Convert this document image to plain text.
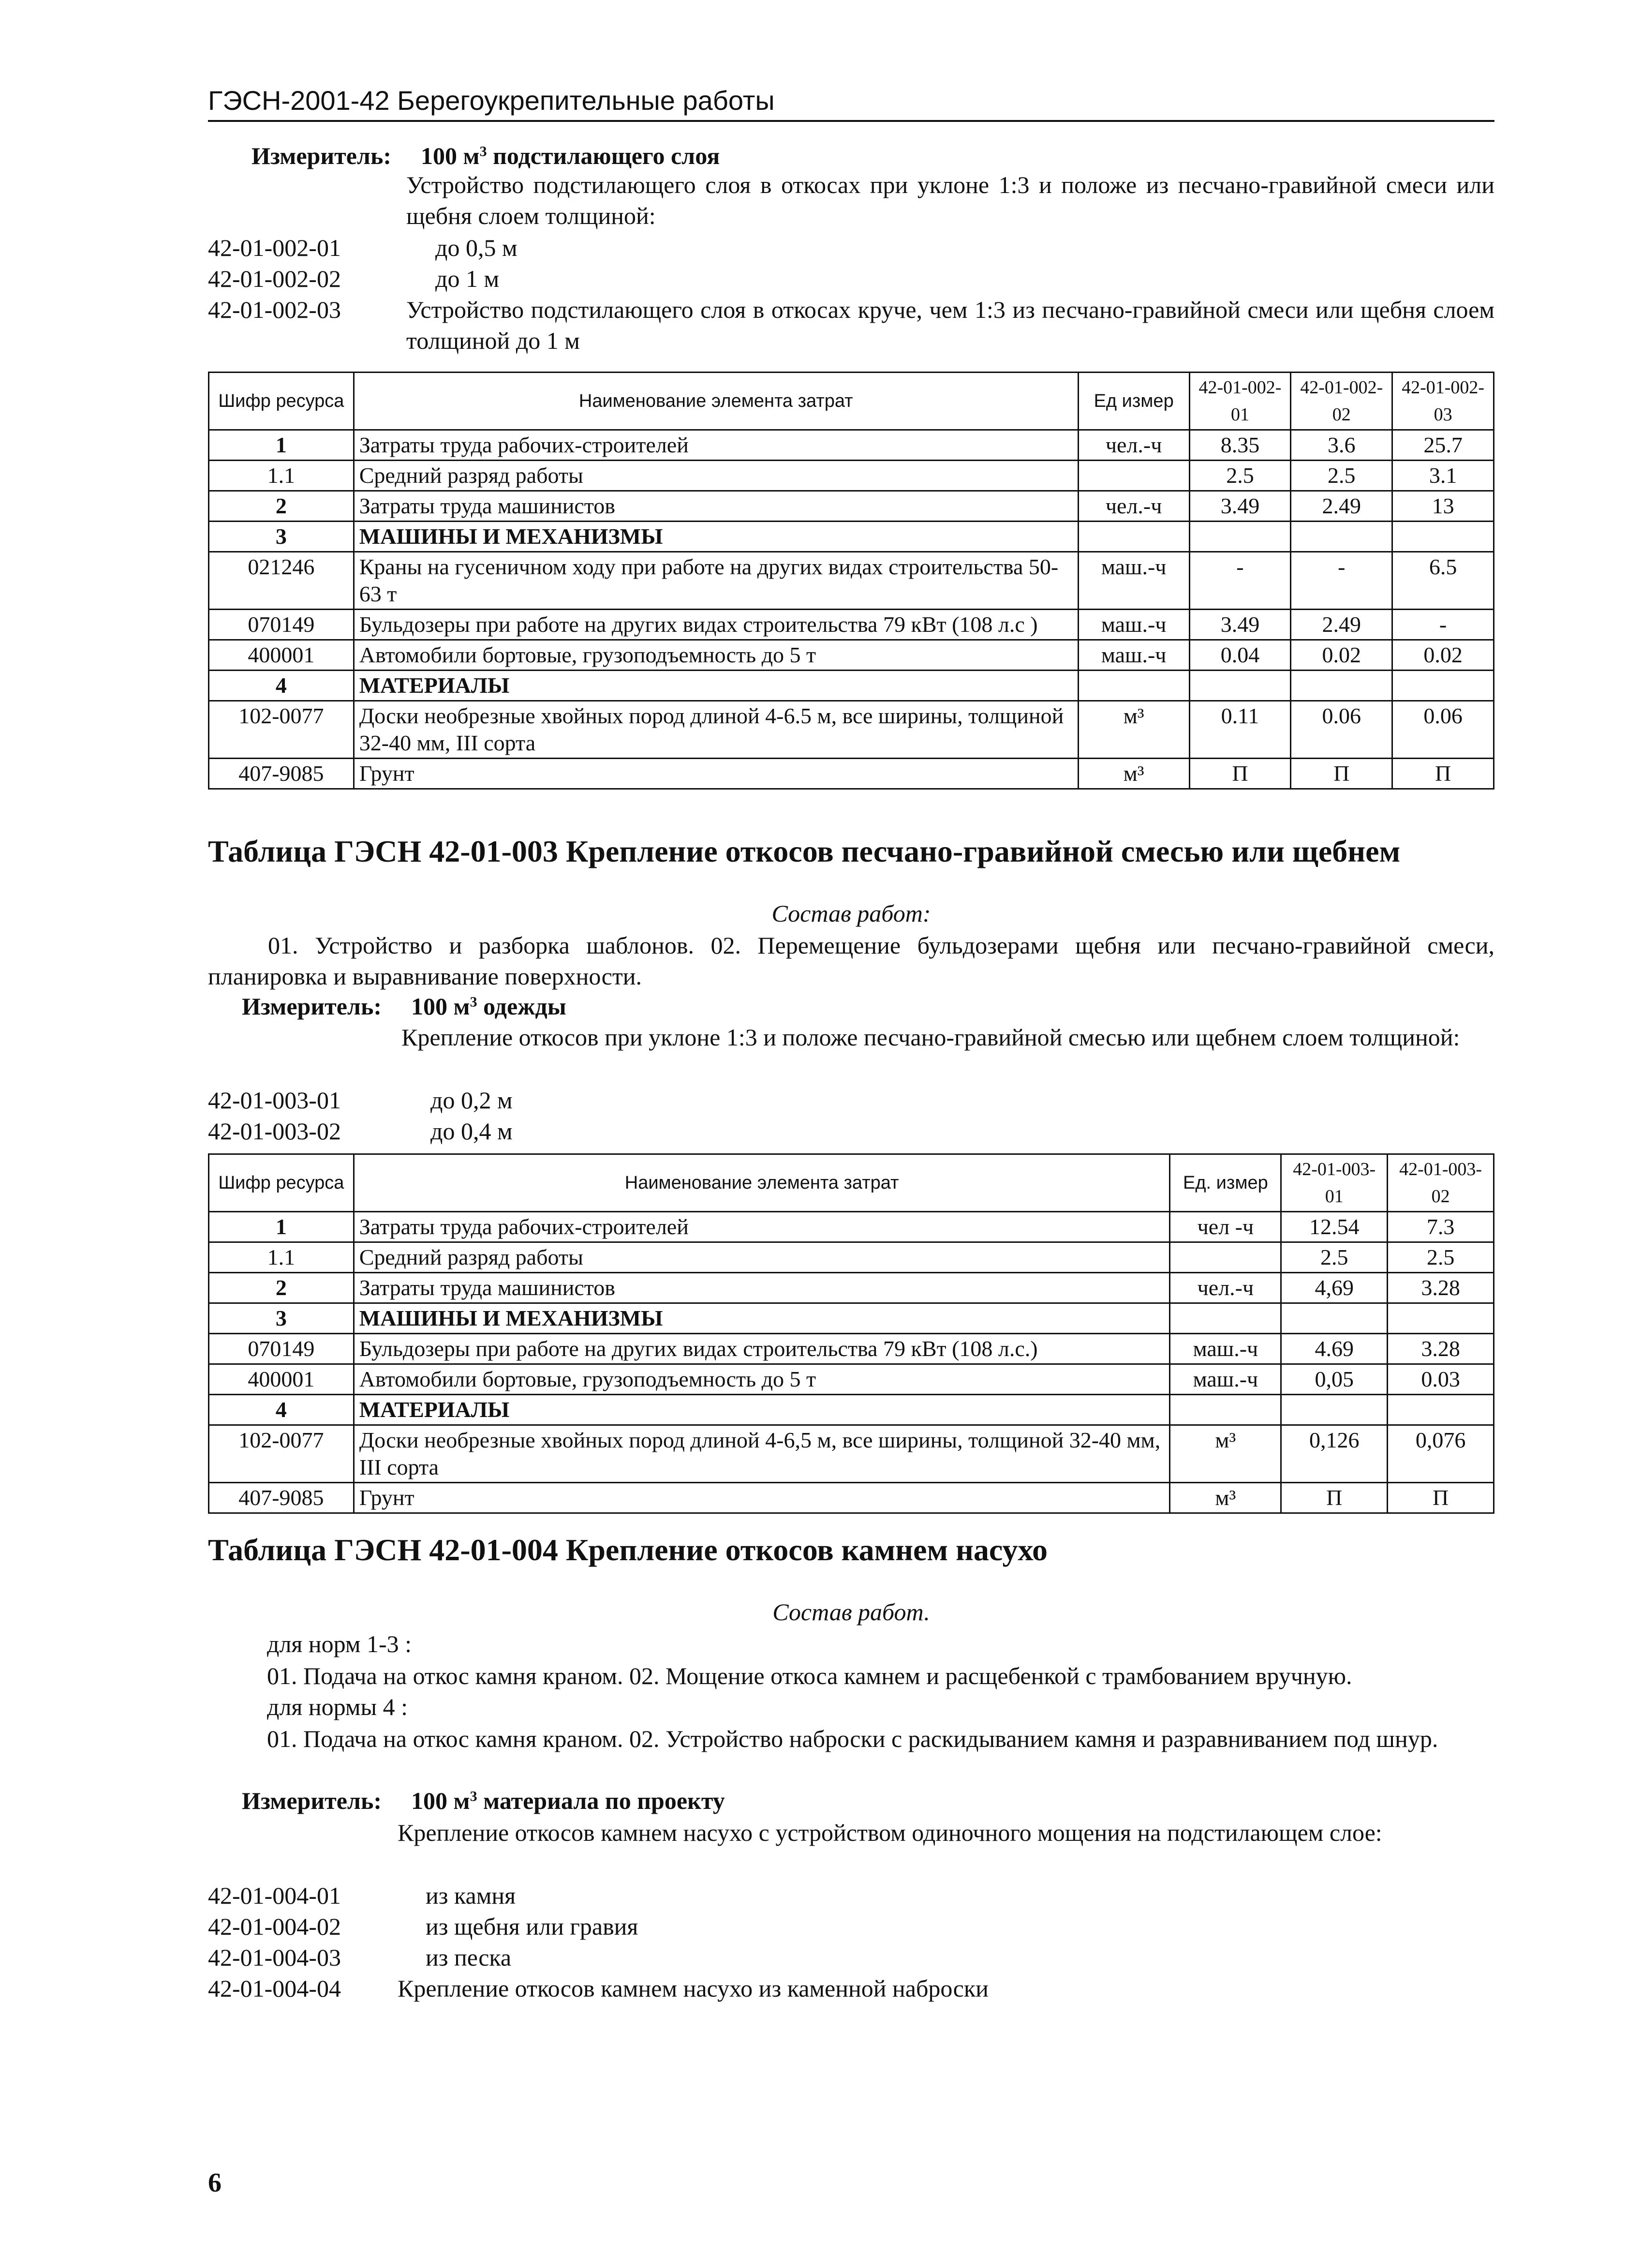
ГЭСН-2001-42 Берегоукрепительные работы
Измеритель: 100 $м^3$ подстилающего слоя
Устройство подстилающего слоя в откосах при уклоне 1:3 и положе из песчано-гравийной смеси или щебня слоем толщиной:
42-01-002-01	до 0,5 м
42-01-002-02	до 1 м
42-01-002-03	Устройство подстилающего слоя в откосах круче, чем 1:3 из песчано-гравийной смеси или щебня слоем толщиной до 1 м
Шифр ресурса	Наименование элемента затрат	Ед измер	42-01-002-01	42-01-002-02	42-01-002-03
1	Затраты труда рабочих-строителей	чел.-ч	8.35	3.6	25.7
1.1	Средний разряд работы		2.5	2.5	3.1
2	Затраты труда машинистов	чел.-ч	3.49	2.49	13
3	МАШИНЫ И МЕХАНИЗМЫ				
021246	Краны на гусеничном ходу при работе на других видах строительства 50-63 т	маш.-ч	-	-	6.5
070149	Бульдозеры при работе на других видах строительства 79 кВт (108 л.с )	маш.-ч	3.49	2.49	-
400001	Автомобили бортовые, грузоподъемность до 5 т	маш.-ч	0.04	0.02	0.02
4	МАТЕРИАЛЫ				
102-0077	Доски необрезные хвойных пород длиной 4-6.5 м, все ширины, толщиной 32-40 мм, III сорта	м³	0.11	0.06	0.06
407-9085	Грунт	м³	П	П	П
Таблица ГЭСН 42-01-003 Крепление откосов песчано-гравийной смесью или щебнем
Состав работ:
01. Устройство и разборка шаблонов. 02. Перемещение бульдозерами щебня или песчано-гравийной смеси, планировка и выравнивание поверхности.
Измеритель: 100 $м^3$ одежды
Крепление откосов при уклоне 1:3 и положе песчано-гравийной смесью или щебнем слоем толщиной:
42-01-003-01	до 0,2 м
42-01-003-02	до 0,4 м
Шифр ресурса	Наименование элемента затрат	Ед. измер	42-01-003-01	42-01-003-02
1	Затраты труда рабочих-строителей	чел -ч	12.54	7.3
1.1	Средний разряд работы		2.5	2.5
2	Затраты труда машинистов	чел.-ч	4,69	3.28
3	МАШИНЫ И МЕХАНИЗМЫ			
070149	Бульдозеры при работе на других видах строительства 79 кВт (108 л.с.)	маш.-ч	4.69	3.28
400001	Автомобили бортовые, грузоподъемность до 5 т	маш.-ч	0,05	0.03
4	МАТЕРИАЛЫ			
102-0077	Доски необрезные хвойных пород длиной 4-6,5 м, все ширины, толщиной 32-40 мм, III сорта	м³	0,126	0,076
407-9085	Грунт	м³	П	П
Таблица ГЭСН 42-01-004 Крепление откосов камнем насухо
Состав работ.
для норм 1-3 :
01. Подача на откос камня краном. 02. Мощение откоса камнем и расщебенкой с трамбованием вручную.
для нормы 4 :
01. Подача на откос камня краном. 02. Устройство наброски с раскидыванием камня и разравниванием под шнур.
Измеритель: 100 $м^3$ материала по проекту
Крепление откосов камнем насухо с устройством одиночного мощения на подстилающем слое:
42-01-004-01	из камня
42-01-004-02	из щебня или гравия
42-01-004-03	из песка
42-01-004-04 Крепление откосов камнем насухо из каменной наброски
6
